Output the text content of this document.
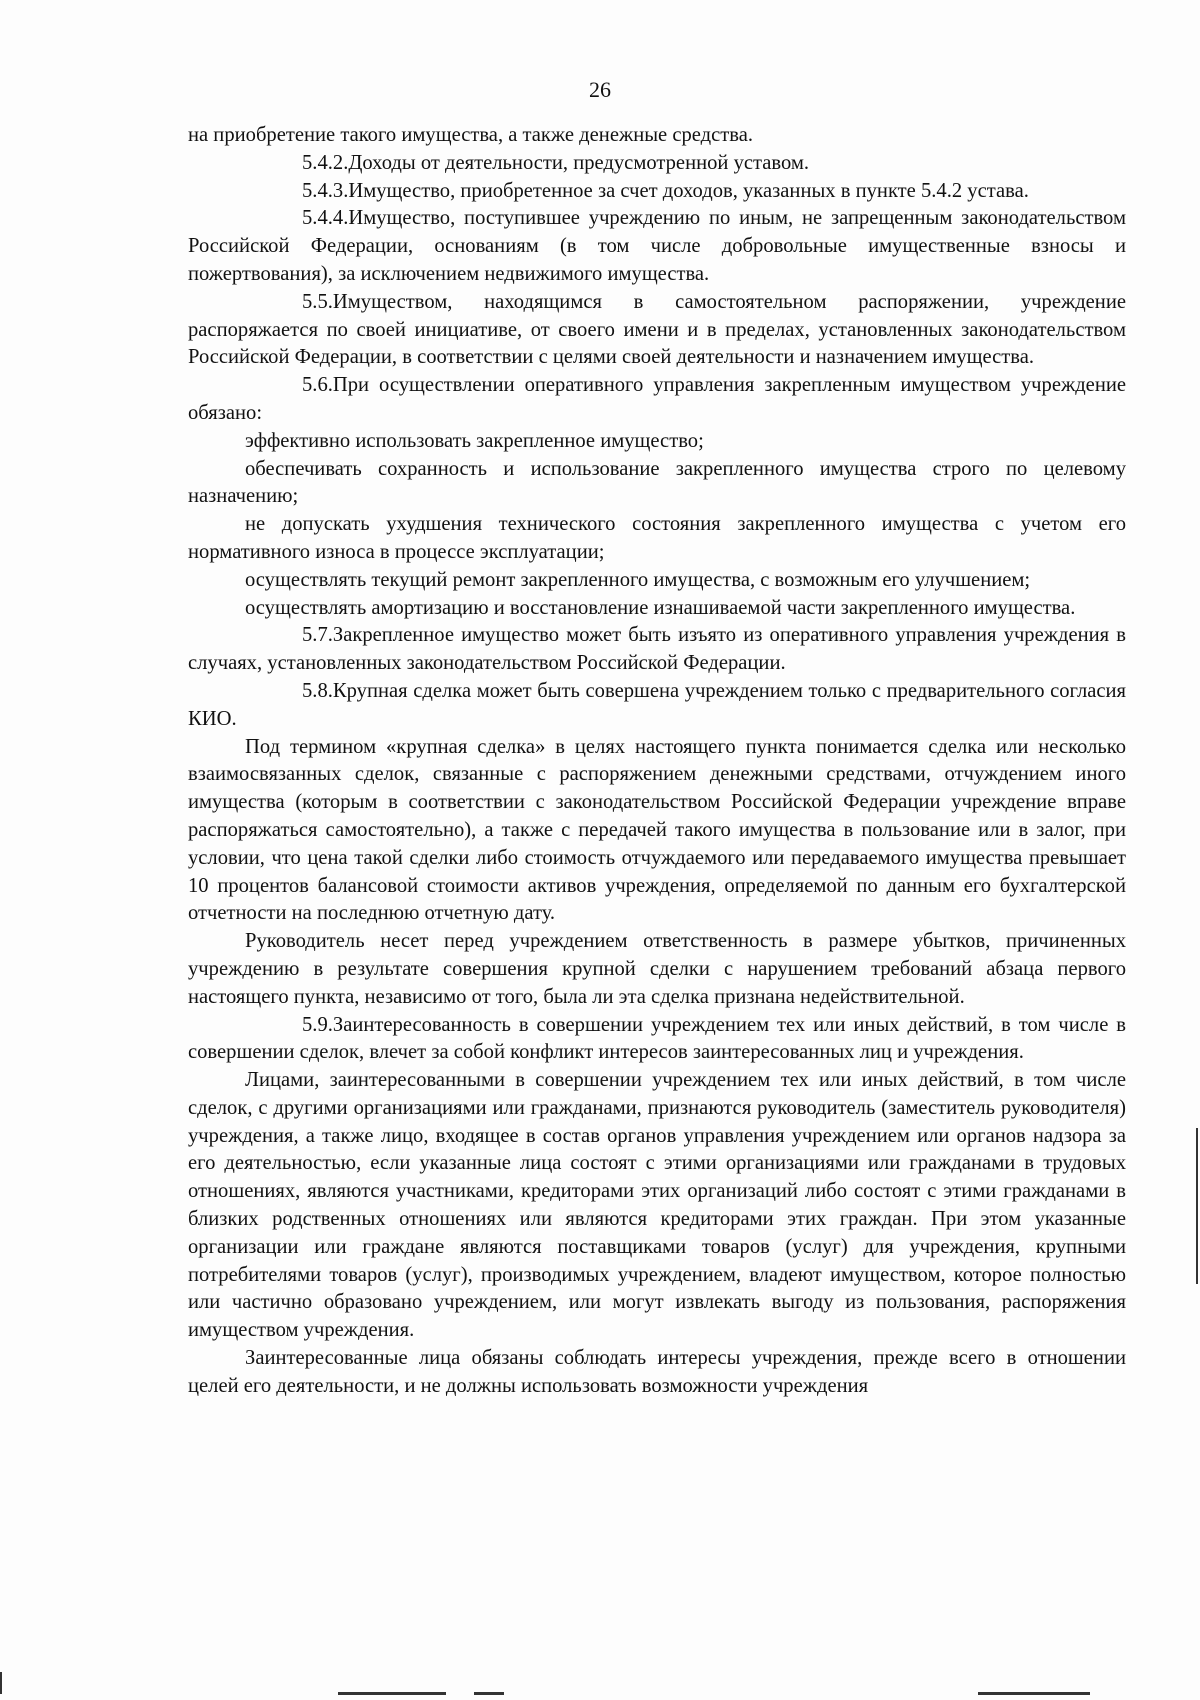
26

на приобретение такого имущества, а также денежные средства.

5.4.2.Доходы от деятельности, предусмотренной уставом.

5.4.3.Имущество, приобретенное за счет доходов, указанных в пункте 5.4.2 устава.

5.4.4.Имущество, поступившее учреждению по иным, не запрещенным законодательством Российской Федерации, основаниям (в том числе добровольные имущественные взносы и пожертвования), за исключением недвижимого имущества.

5.5.Имуществом, находящимся в самостоятельном распоряжении, учреждение распоряжается по своей инициативе, от своего имени и в пределах, установленных законодательством Российской Федерации, в соответствии с целями своей деятельности и назначением имущества.

5.6.При осуществлении оперативного управления закрепленным имуществом учреждение обязано:

эффективно использовать закрепленное имущество;

обеспечивать сохранность и использование закрепленного имущества строго по целевому назначению;

не допускать ухудшения технического состояния закрепленного имущества с учетом его нормативного износа в процессе эксплуатации;

осуществлять текущий ремонт закрепленного имущества, с возможным его улучшением;

осуществлять амортизацию и восстановление изнашиваемой части закрепленного имущества.

5.7.Закрепленное имущество может быть изъято из оперативного управления учреждения в случаях, установленных законодательством Российской Федерации.

5.8.Крупная сделка может быть совершена учреждением только с предварительного согласия КИО.

Под термином «крупная сделка» в целях настоящего пункта понимается сделка или несколько взаимосвязанных сделок, связанные с распоряжением денежными средствами, отчуждением иного имущества (которым в соответствии с законодательством Российской Федерации учреждение вправе распоряжаться самостоятельно), а также с передачей такого имущества в пользование или в залог, при условии, что цена такой сделки либо стоимость отчуждаемого или передаваемого имущества превышает 10 процентов балансовой стоимости активов учреждения, определяемой по данным его бухгалтерской отчетности на последнюю отчетную дату.

Руководитель несет перед учреждением ответственность в размере убытков, причиненных учреждению в результате совершения крупной сделки с нарушением требований абзаца первого настоящего пункта, независимо от того, была ли эта сделка признана недействительной.

5.9.Заинтересованность в совершении учреждением тех или иных действий, в том числе в совершении сделок, влечет за собой конфликт интересов заинтересованных лиц и учреждения.

Лицами, заинтересованными в совершении учреждением тех или иных действий, в том числе сделок, с другими организациями или гражданами, признаются руководитель (заместитель руководителя) учреждения, а также лицо, входящее в состав органов управления учреждением или органов надзора за его деятельностью, если указанные лица состоят с этими организациями или гражданами в трудовых отношениях, являются участниками, кредиторами этих организаций либо состоят с этими гражданами в близких родственных отношениях или являются кредиторами этих граждан. При этом указанные организации или граждане являются поставщиками товаров (услуг) для учреждения, крупными потребителями товаров (услуг), производимых учреждением, владеют имуществом, которое полностью или частично образовано учреждением, или могут извлекать выгоду из пользования, распоряжения имуществом учреждения.

Заинтересованные лица обязаны соблюдать интересы учреждения, прежде всего в отношении целей его деятельности, и не должны использовать возможности учреждения
